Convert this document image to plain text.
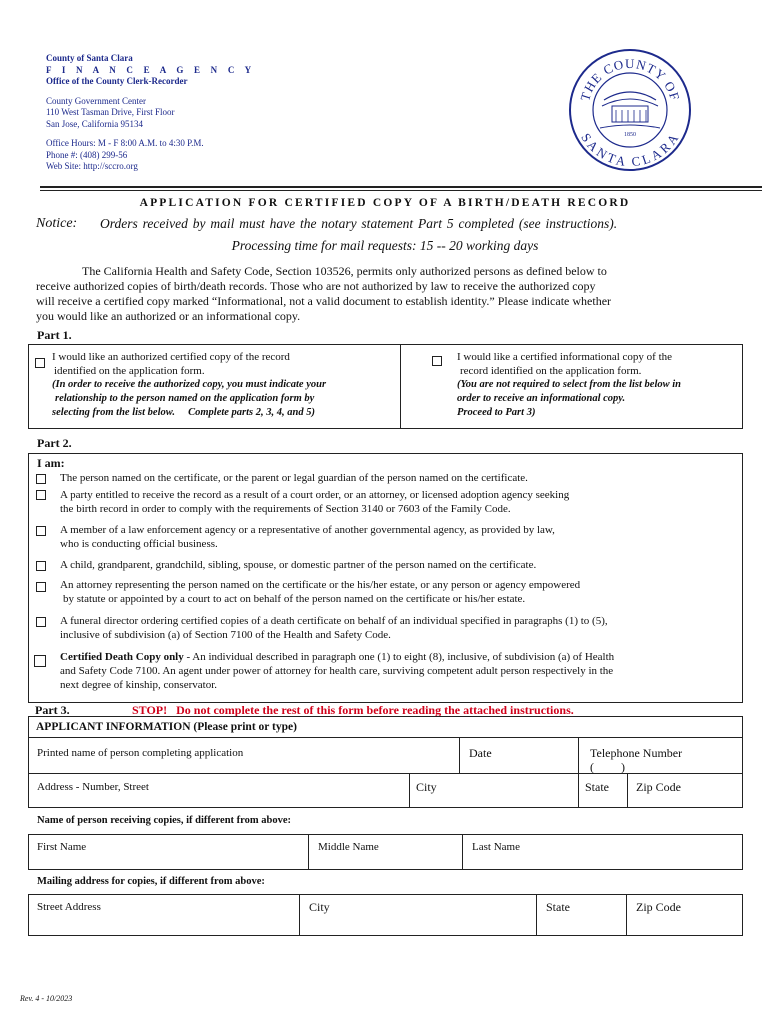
County of Santa Clara
F I N A N C E A G E N C Y
Office of the County Clerk-Recorder
County Government Center
110 West Tasman Drive, First Floor
San Jose, California 95134
Office Hours: M - F 8:00 A.M. to 4:30 P.M.
Phone #: (408) 299-56
Web Site: http://sccro.org
THE COUNTY OF
SANTA CLARA
1850
APPLICATION FOR CERTIFIED COPY OF A BIRTH/DEATH RECORD
Notice: Orders received by mail must have the notary statement Part 5 completed (see instructions).
Processing time for mail requests: 15 -- 20 working days
The California Health and Safety Code, Section 103526, permits only authorized persons as defined below to
receive authorized copies of birth/death records. Those who are not authorized by law to receive the authorized copy
will receive a certified copy marked “Informational, not a valid document to establish identity.” Please indicate whether
you would like an authorized or an informational copy.
Part 1.
I would like an authorized certified copy of the record
identified on the application form.
(In order to receive the authorized copy, you must indicate your
relationship to the person named on the application form by
selecting from the list below.     Complete parts 2, 3, 4, and 5)
I would like a certified informational copy of the
record identified on the application form.
(You are not required to select from the list below in
order to receive an informational copy.
Proceed to Part 3)
Part 2.
I am:
The person named on the certificate, or the parent or legal guardian of the person named on the certificate.
A party entitled to receive the record as a result of a court order, or an attorney, or licensed adoption agency seeking
the birth record in order to comply with the requirements of Section 3140 or 7603 of the Family Code.
A member of a law enforcement agency or a representative of another governmental agency, as provided by law,
who is conducting official business.
A child, grandparent, grandchild, sibling, spouse, or domestic partner of the person named on the certificate.
An attorney representing the person named on the certificate or the his/her estate, or any person or agency empowered
by statute or appointed by a court to act on behalf of the person named on the certificate or his/her estate.
A funeral director ordering certified copies of a death certificate on behalf of an individual specified in paragraphs (1) to (5),
inclusive of subdivision (a) of Section 7100 of the Health and Safety Code.
Certified Death Copy only - An individual described in paragraph one (1) to eight (8), inclusive, of subdivision (a) of Health
and Safety Code 7100. An agent under power of attorney for health care, surviving competent adult person respectively in the
next degree of kinship, conservator.
Part 3.	STOP!   Do not complete the rest of this form before reading the attached instructions.
APPLICANT INFORMATION (Please print or type)
Printed name of person completing application	Date	Telephone Number
(         )
Address - Number, Street	City	State Zip Code
Name of person receiving copies, if different from above:
First Name	Middle Name	Last Name
Mailing address for copies, if different from above:
Street Address	City	State	Zip Code
Rev. 4 - 10/2023
